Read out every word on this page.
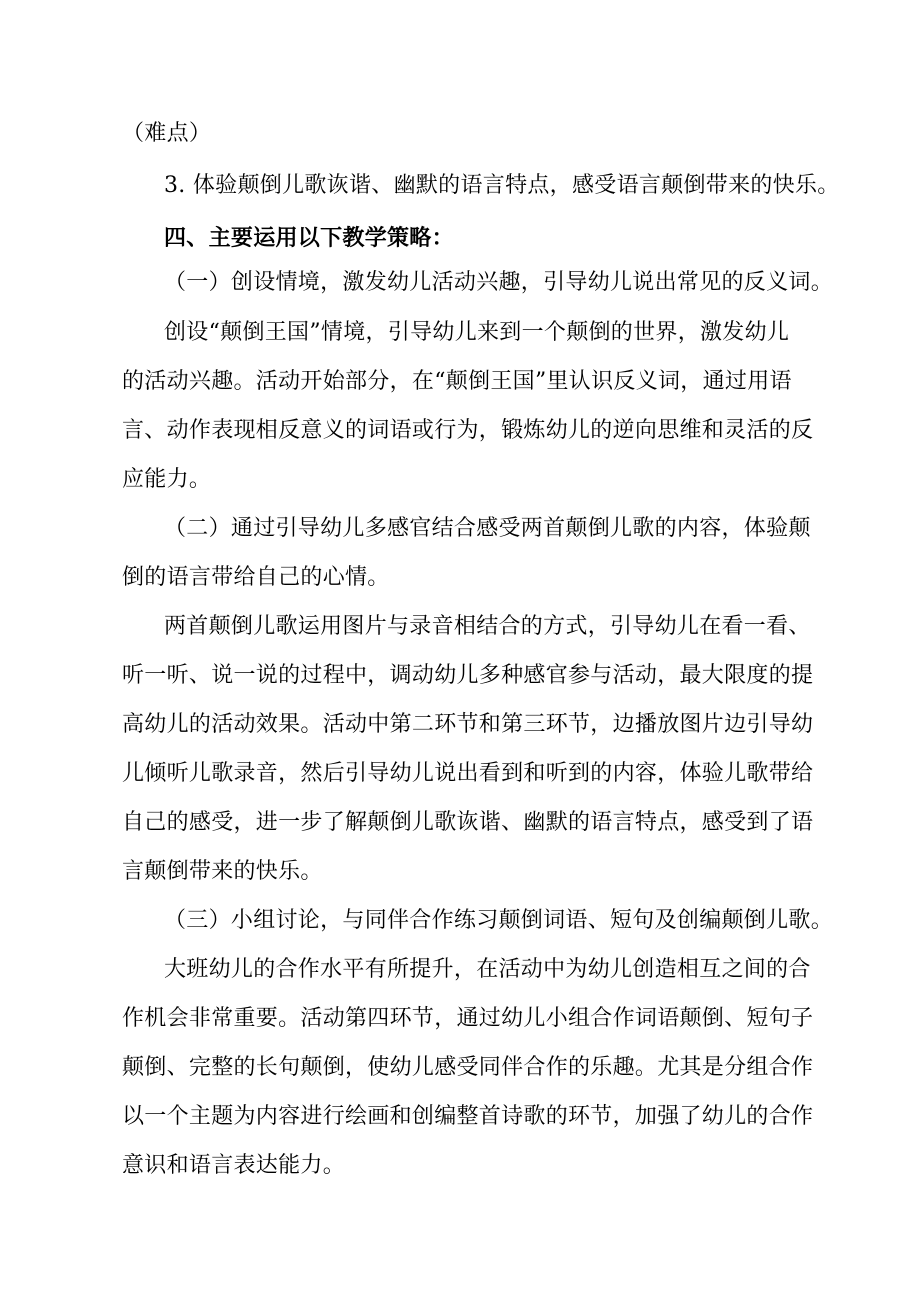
（难点）
3. 体验颠倒儿歌诙谐、幽默的语言特点，感受语言颠倒带来的快乐。
四、主要运用以下教学策略：
（一）创设情境，激发幼儿活动兴趣，引导幼儿说出常见的反义词。
创设“颠倒王国”情境，引导幼儿来到一个颠倒的世界，激发幼儿
的活动兴趣。活动开始部分，在“颠倒王国”里认识反义词，通过用语
言、动作表现相反意义的词语或行为，锻炼幼儿的逆向思维和灵活的反
应能力。
（二）通过引导幼儿多感官结合感受两首颠倒儿歌的内容，体验颠
倒的语言带给自己的心情。
两首颠倒儿歌运用图片与录音相结合的方式，引导幼儿在看一看、
听一听、说一说的过程中，调动幼儿多种感官参与活动，最大限度的提
高幼儿的活动效果。活动中第二环节和第三环节，边播放图片边引导幼
儿倾听儿歌录音，然后引导幼儿说出看到和听到的内容，体验儿歌带给
自己的感受，进一步了解颠倒儿歌诙谐、幽默的语言特点，感受到了语
言颠倒带来的快乐。
（三）小组讨论，与同伴合作练习颠倒词语、短句及创编颠倒儿歌。
大班幼儿的合作水平有所提升，在活动中为幼儿创造相互之间的合
作机会非常重要。活动第四环节，通过幼儿小组合作词语颠倒、短句子
颠倒、完整的长句颠倒，使幼儿感受同伴合作的乐趣。尤其是分组合作
以一个主题为内容进行绘画和创编整首诗歌的环节，加强了幼儿的合作
意识和语言表达能力。
